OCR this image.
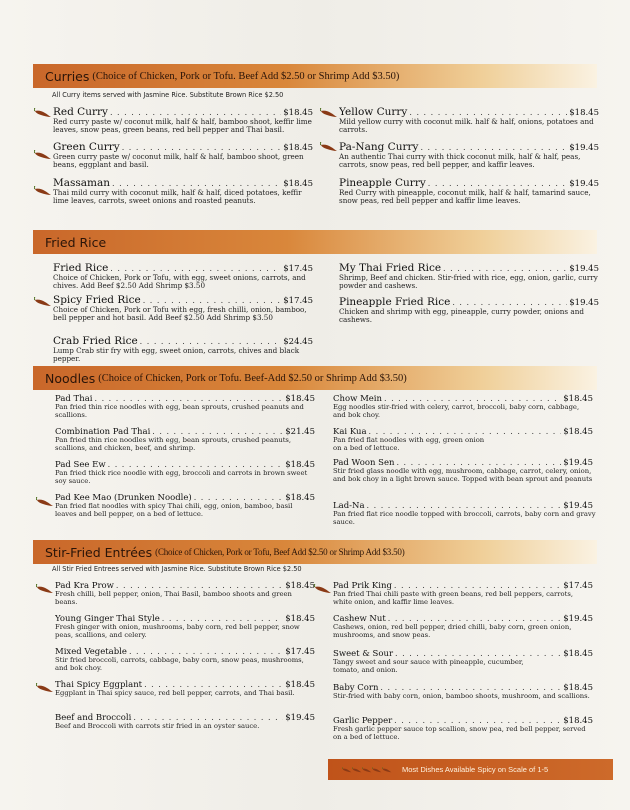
Curries (Choice of Chicken, Pork or Tofu. Beef Add $2.50 or Shrimp Add $3.50)
All Curry items served with Jasmine Rice. Substitute Brown Rice $2.50
Red Curry . . .	$18.45
Red curry paste w/ coconut milk, half & half, bamboo shoot, keffir lime leaves, snow peas, green beans, red bell pepper and Thai basil.
Green Curry . . .	$18.45
Green curry paste w/ coconut milk, half & half, bamboo shoot, green beans, eggplant and basil.
Massaman . . .	$18.45
Thai mild curry with coconut milk, half & half, diced potatoes, keffir lime leaves, carrots, sweet onions and roasted peanuts.
Yellow Curry . . .	$18.45
Mild yellow curry with coconut milk. half & half, onions, potatoes and carrots.
Pa-Nang Curry . . .	$19.45
An authentic Thai curry with thick coconut milk, half & half, peas, carrots, snow peas, red bell pepper, and kaffir leaves.
Pineapple Curry . . .	$19.45
Red Curry with pineapple, coconut milk, half & half, tamarind sauce, snow peas, red bell pepper and kaffir lime leaves.
Fried Rice
Fried Rice . . .	$17.45
Choice of Chicken, Pork or Tofu, with egg, sweet onions, carrots, and chives. Add Beef $2.50 Add Shrimp $3.50
Spicy Fried Rice . . .	$17.45
Choice of Chicken, Pork or Tofu with egg, fresh chilli, onion, bamboo, bell pepper and hot basil. Add Beef $2.50 Add Shrimp $3.50
Crab Fried Rice . . .	$24.45
Lump Crab stir fry with egg, sweet onion, carrots, chives and black pepper.
My Thai Fried Rice . . .	$19.45
Shrimp, Beef and chicken. Stir-fried with rice, egg, onion, garlic, curry powder and cashews.
Pineapple Fried Rice . . .	$19.45
Chicken and shrimp with egg, pineapple, curry powder, onions and cashews.
Noodles (Choice of Chicken, Pork or Tofu. Beef-Add $2.50 or Shrimp Add $3.50)
Pad Thai . . .	$18.45
Pan fried thin rice noodles with egg, bean sprouts, crushed peanuts and scallions.
Combination Pad Thai . . .	$21.45
Pan fried thin rice noodles with egg, bean sprouts, crushed peanuts, scallions, and chicken, beef, and shrimp.
Pad See Ew . . .	$18.45
Pan fried thick rice noodle with egg, broccoli and carrots in brown sweet soy sauce.
Pad Kee Mao (Drunken Noodle) . . .	$18.45
Pan fried flat noodles with spicy Thai chili, egg, onion, bamboo, basil leaves and bell pepper, on a bed of lettuce.
Chow Mein . . .	$18.45
Egg noodles stir-fried with celery, carrot, broccoli, baby corn, cabbage, and bok choy.
Kai Kua . . .	$18.45
Pan fried flat noodles with egg, green onion on a bed of lettuce.
Pad Woon Sen . . .	$19.45
Stir fried glass noodle with egg, mushroom, cabbage, carrot, celery, onion, and bok choy in a light brown sauce. Topped with bean sprout and peanuts
Lad-Na . . .	$19.45
Pan fried flat rice noodle topped with broccoli, carrots, baby corn and gravy sauce.
Stir-Fried Entrées (Choice of Chicken, Pork or Tofu, Beef Add $2.50 or Shrimp Add $3.50)
All Stir Fried Entrees served with Jasmine Rice. Substitute Brown Rice $2.50
Pad Kra Prow . . .	$18.45
Fresh chilli, bell pepper, onion, Thai Basil, bamboo shoots and green beans.
Young Ginger Thai Style . . .	$18.45
Fresh ginger with onion, mushrooms, baby corn, red bell pepper, snow peas, scallions, and celery.
Mixed Vegetable . . .	$17.45
Stir fried broccoli, carrots, cabbage, baby corn, snow peas, mushrooms, and bok choy.
Thai Spicy Eggplant . . .	$18.45
Eggplant in Thai spicy sauce, red bell pepper, carrots, and Thai basil.
Beef and Broccoli . . .	$19.45
Beef and Broccoli with carrots stir fried in an oyster sauce.
Pad Prik King . . .	$17.45
Pan fried Thai chili paste with green beans, red bell peppers, carrots, white onion, and kaffir lime leaves.
Cashew Nut . . .	$19.45
Cashews, onion, red bell pepper, dried chilli, baby corn, green onion, mushrooms, and snow peas.
Sweet & Sour . . .	$18.45
Tangy sweet and sour sauce with pineapple, cucumber, tomato, and onion.
Baby Corn . . .	$18.45
Stir-fried with baby corn, onion, bamboo shoots, mushroom, and scallions.
Garlic Pepper . . .	$18.45
Fresh garlic pepper sauce top scallion, snow pea, red bell pepper, served on a bed of lettuce.
Most Dishes Available Spicy on Scale of 1-5
